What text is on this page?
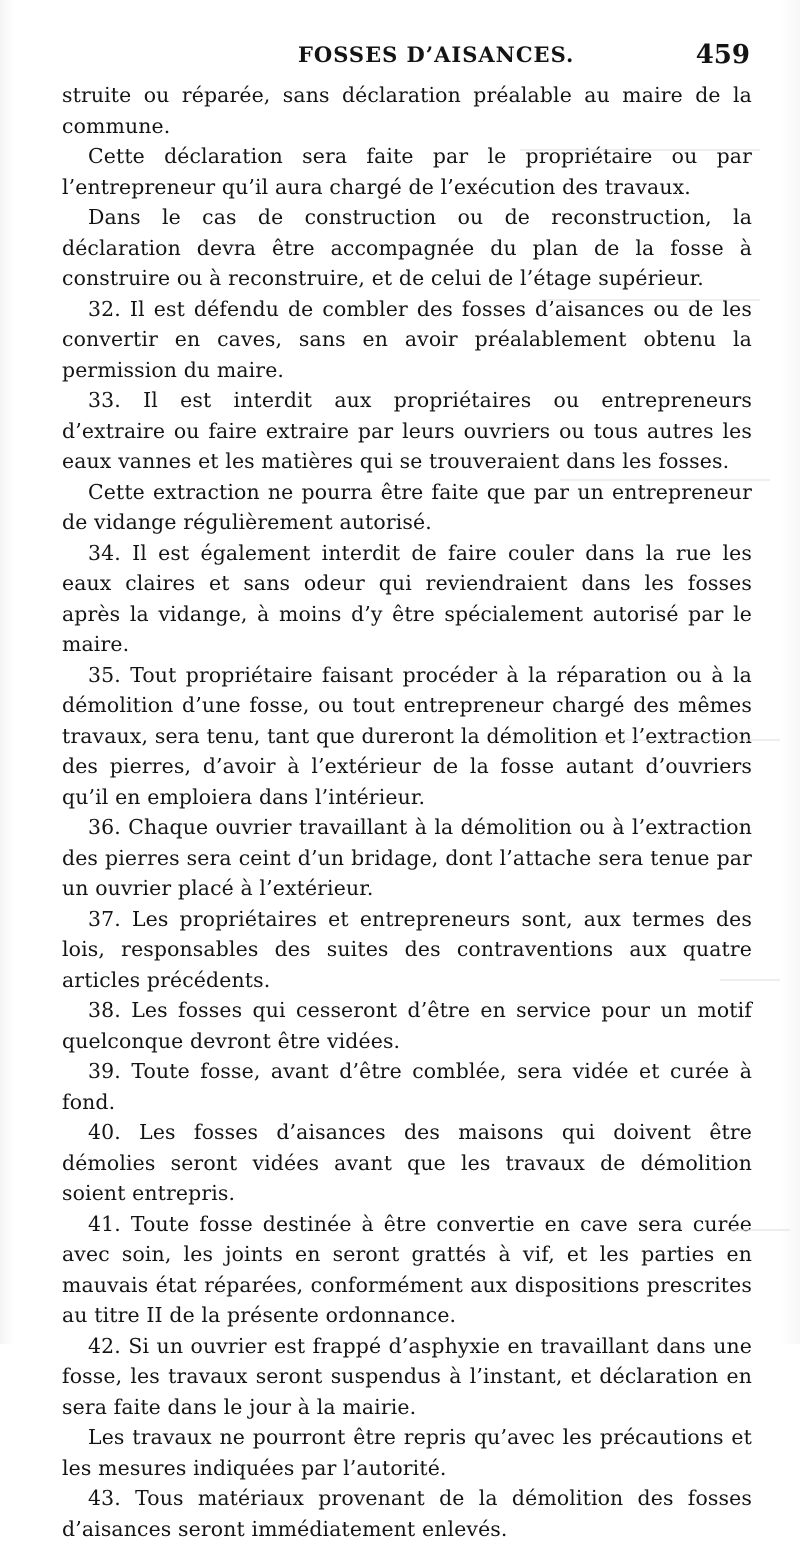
FOSSES D’AISANCES.	459

struite ou réparée, sans déclaration préalable au maire de la commune.

Cette déclaration sera faite par le propriétaire ou par l’entrepreneur qu’il aura chargé de l’exécution des travaux.

Dans le cas de construction ou de reconstruction, la déclaration devra être accompagnée du plan de la fosse à construire ou à reconstruire, et de celui de l’étage supérieur.

32. Il est défendu de combler des fosses d’aisances ou de les convertir en caves, sans en avoir préalablement obtenu la permission du maire.

33. Il est interdit aux propriétaires ou entrepreneurs d’extraire ou faire extraire par leurs ouvriers ou tous autres les eaux vannes et les matières qui se trouveraient dans les fosses.

Cette extraction ne pourra être faite que par un entrepreneur de vidange régulièrement autorisé.

34. Il est également interdit de faire couler dans la rue les eaux claires et sans odeur qui reviendraient dans les fosses après la vidange, à moins d’y être spécialement autorisé par le maire.

35. Tout propriétaire faisant procéder à la réparation ou à la démolition d’une fosse, ou tout entrepreneur chargé des mêmes travaux, sera tenu, tant que dureront la démolition et l’extraction des pierres, d’avoir à l’extérieur de la fosse autant d’ouvriers qu’il en emploiera dans l’intérieur.

36. Chaque ouvrier travaillant à la démolition ou à l’extraction des pierres sera ceint d’un bridage, dont l’attache sera tenue par un ouvrier placé à l’extérieur.

37. Les propriétaires et entrepreneurs sont, aux termes des lois, responsables des suites des contraventions aux quatre articles précédents.

38. Les fosses qui cesseront d’être en service pour un motif quelconque devront être vidées.

39. Toute fosse, avant d’être comblée, sera vidée et curée à fond.

40. Les fosses d’aisances des maisons qui doivent être démolies seront vidées avant que les travaux de démolition soient entrepris.

41. Toute fosse destinée à être convertie en cave sera curée avec soin, les joints en seront grattés à vif, et les parties en mauvais état réparées, conformément aux dispositions prescrites au titre II de la présente ordonnance.

42. Si un ouvrier est frappé d’asphyxie en travaillant dans une fosse, les travaux seront suspendus à l’instant, et déclaration en sera faite dans le jour à la mairie.

Les travaux ne pourront être repris qu’avec les précautions et les mesures indiquées par l’autorité.

43. Tous matériaux provenant de la démolition des fosses d’aisances seront immédiatement enlevés.
